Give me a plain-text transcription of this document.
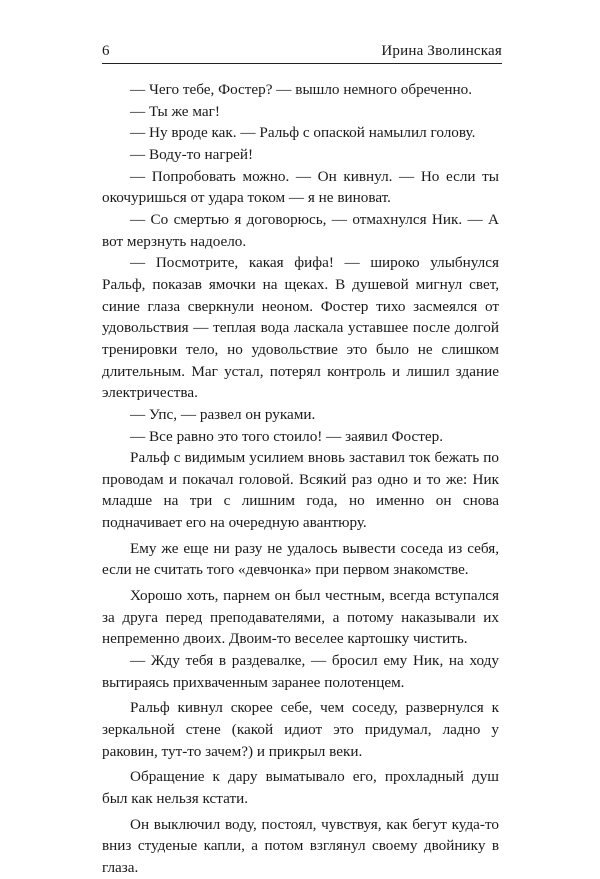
6	Ирина Зволинская

— Чего тебе, Фостер? — вышло немного обреченно.

— Ты же маг!

— Ну вроде как. — Ральф с опаской намылил голову.

— Воду-то нагрей!

— Попробовать можно. — Он кивнул. — Но если ты окочуришься от удара током — я не виноват.

— Со смертью я договорюсь, — отмахнулся Ник. — А вот мерзнуть надоело.

— Посмотрите, какая фифа! — широко улыбнулся Ральф, показав ямочки на щеках. В душевой мигнул свет, синие глаза сверкнули неоном. Фостер тихо засмеялся от удовольствия — теплая вода ласкала уставшее после долгой тренировки тело, но удовольствие это было не слишком длительным. Маг устал, потерял контроль и лишил здание электричества.

— Упс, — развел он руками.

— Все равно это того стоило! — заявил Фостер.

Ральф с видимым усилием вновь заставил ток бежать по проводам и покачал головой. Всякий раз одно и то же: Ник младше на три с лишним года, но именно он снова подначивает его на очередную авантюру.

Ему же еще ни разу не удалось вывести соседа из себя, если не считать того «девчонка» при первом знакомстве.

Хорошо хоть, парнем он был честным, всегда вступался за друга перед преподавателями, а потому наказывали их непременно двоих. Двоим-то веселее картошку чистить.

— Жду тебя в раздевалке, — бросил ему Ник, на ходу вытираясь прихваченным заранее полотенцем.

Ральф кивнул скорее себе, чем соседу, развернулся к зеркальной стене (какой идиот это придумал, ладно у раковин, тут-то зачем?) и прикрыл веки.

Обращение к дару выматывало его, прохладный душ был как нельзя кстати.

Он выключил воду, постоял, чувствуя, как бегут куда-то вниз студеные капли, а потом взглянул своему двойнику в глаза.
